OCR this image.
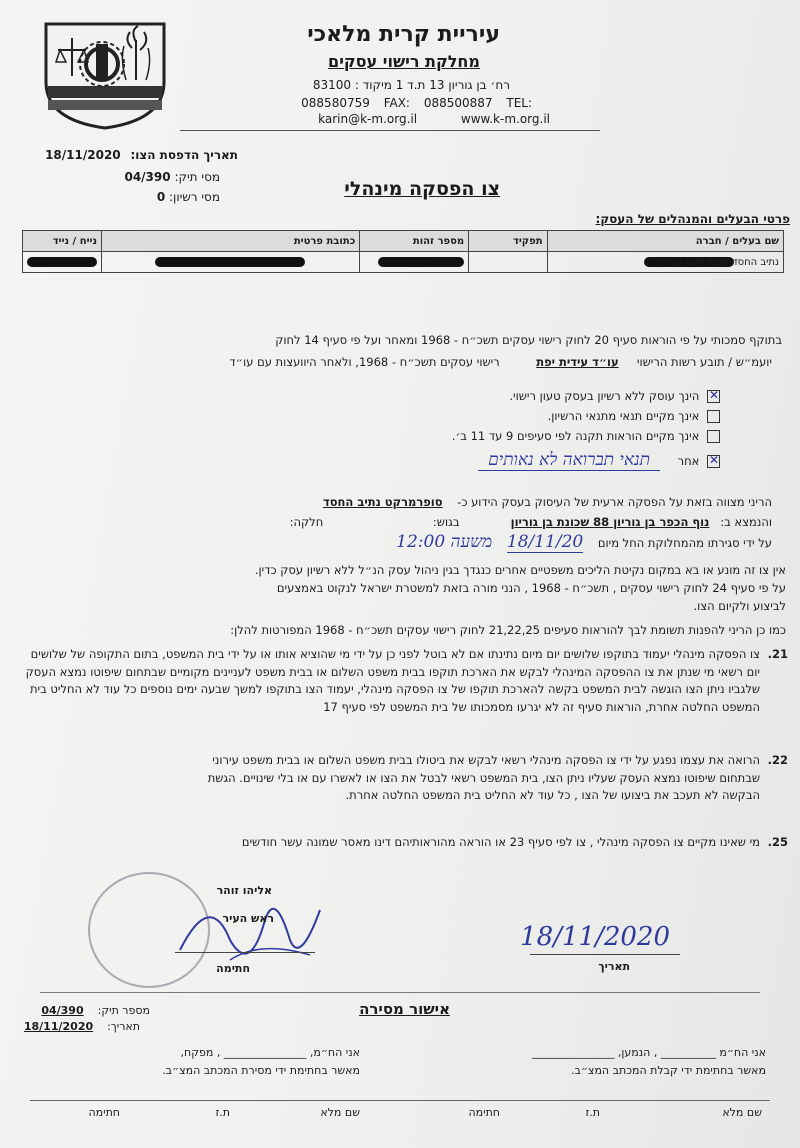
עיריית קרית מלאכי
מחלקת רישוי עסקים
רח׳ בן גוריון 13 ת.ד 1 מיקוד : 83100
088580759 FAX: 088500887 TEL:
karin@k-m.org.il	www.k-m.org.il
תאריך הדפסת הצו: 18/11/2020
מסי תיק: 04/390
מסי רשיון: 0	צו הפסקה מינהלי
פרטי הבעלים והמנהלים של העסק:
שם בעלים / חברה	תפקיד	מספר זהות	כתובת פרטית	נייח / נייד
נתיב החסד-סופר חסד בע״מ				
בתוקף סמכותי על פי הוראות סעיף 20 לחוק רישוי עסקים תשכ״ח - 1968 ומאחר ועל פי סעיף 14 לחוק
יועמ״ש / תובע רשות הרישוי     עו״ד עידית יפת          רישוי עסקים תשכ״ח - 1968, ולאחר היוועצות עם עו״ד
✕ הינך עוסק ללא רשיון בעסק טעון רישוי.
אינך מקיים תנאי מתנאי הרשיון.
אינך מקיים הוראות תקנה לפי סעיפים 9 עד 11 ב׳.
✕ אחר תנאי תברואה לא נאותים
הריני מצווה בזאת על הפסקה ארעית של העיסוק בעסק הידוע כ-    סופרמרקט נתיב החסד
והנמצא ב:   נוף הכפר בן גוריון 88 שכונת בן גוריון              בגוש:                              חלקה:
על ידי סגירתו מהמחלוקת החל מיום    18/11/20    משעה 12:00
אין צו זה מונע או בא במקום נקיטת הליכים משפטיים אחרים כנגדך בגין ניהול עסק הנ״ל ללא רשיון עסק כדין.
על פי סעיף 24 לחוק רישוי עסקים , תשכ״ח - 1968 , הנני מורה בזאת למשטרת ישראל לנקוט באמצעים
לביצוע ולקיום הצו.
כמו כן הריני להפנות תשומת לבך להוראות סעיפים 21,22,25 לחוק רישוי עסקים תשכ״ח - 1968 המפורטות להלן:
21.
צו הפסקה מינהלי יעמוד בתוקפו שלושים יום מיום נתינתו אם לא בוטל לפני כן על ידי מי שהוציא אותו או על ידי בית המשפט, בתום התקופה של שלושים יום רשאי מי שנתן את צו ההפסקה המינהלי לבקש את הארכת תוקפו בבית משפט השלום או בבית משפט לעניינים מקומיים שבתחום שיפוטו נמצא העסק שלגביו ניתן הצו הוגשה לבית המשפט בקשה להארכת תוקפו של צו הפסקה מינהלי, יעמוד הצו בתוקפו למשך שבעה ימים נוספים כל עוד לא החליט בית המשפט החלטה אחרת, הוראות סעיף זה לא יגרעו מסמכותו של בית המשפט לפי סעיף 17
22.
הרואה את עצמו נפגע על ידי צו הפסקה מינהלי רשאי לבקש את ביטולו בבית משפט השלום או בבית משפט עירוני שבתחום שיפוטו נמצא העסק שעליו ניתן הצו, בית המשפט רשאי לבטל את הצו או לאשרו עם או בלי שינויים. הגשת הבקשה לא תעכב את ביצועו של הצו , כל עוד לא החליט בית המשפט החלטה אחרת.
25.
מי שאינו מקיים צו הפסקה מינהלי , צו לפי סעיף 23 או הוראה מהוראותיהם דינו מאסר שמונה עשר חודשים
אליהו זוהר
ראש העיר
חתימה
18/11/2020
תאריך
אישור מסירה
מספר תיק:    04/390
תאריך:    18/11/2020
אני הח״מ __________ , הנמען, _______________
מאשר בחתימת ידי קבלת המכתב המצ״ב.
אני הח״מ, _______________ , מפקח,
מאשר בחתימת ידי מסירת המכתב המצ״ב.
שם מלא
ת.ז
חתימה
שם מלא
ת.ז
חתימה
